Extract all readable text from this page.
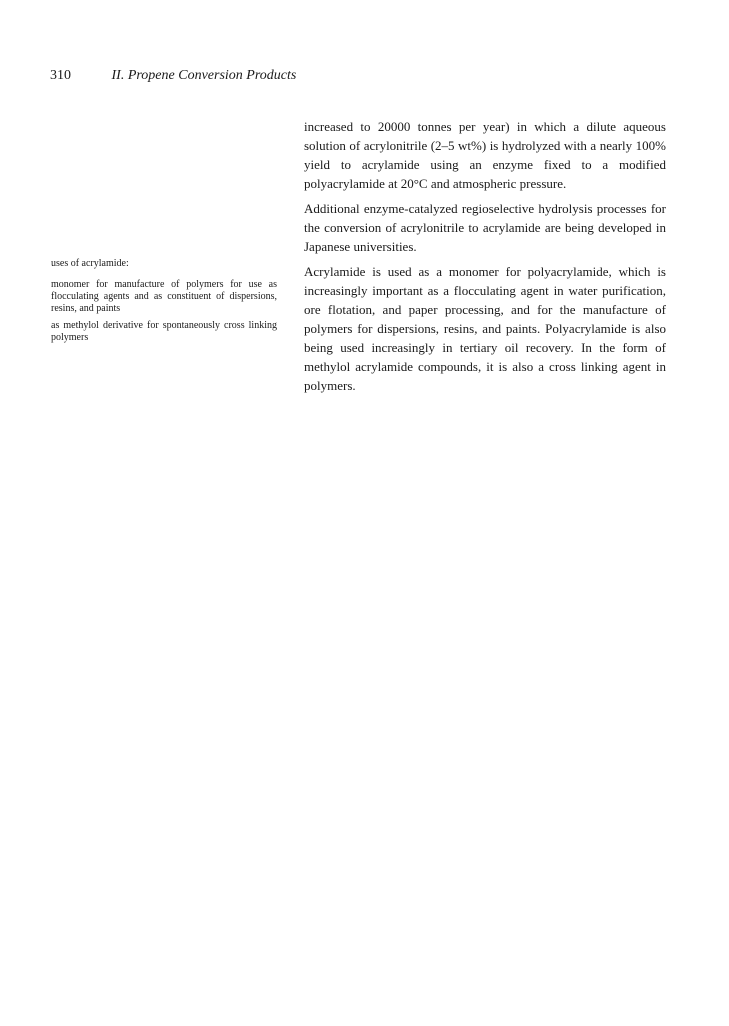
310	II. Propene Conversion Products

uses of acrylamide:

monomer for manufacture of polymers for use as flocculating agents and as constituent of dispersions, resins, and paints

as methylol derivative for spontaneously cross linking polymers

increased to 20000 tonnes per year) in which a dilute aqueous solution of acrylonitrile (2–5 wt%) is hydrolyzed with a nearly 100% yield to acrylamide using an enzyme fixed to a modified polyacrylamide at 20°C and atmospheric pressure.

Additional enzyme-catalyzed regioselective hydrolysis processes for the conversion of acrylonitrile to acrylamide are being developed in Japanese universities.

Acrylamide is used as a monomer for polyacrylamide, which is increasingly important as a flocculating agent in water purification, ore flotation, and paper processing, and for the manufacture of polymers for dispersions, resins, and paints. Polyacrylamide is also being used increasingly in tertiary oil recovery. In the form of methylol acrylamide compounds, it is also a cross linking agent in polymers.
